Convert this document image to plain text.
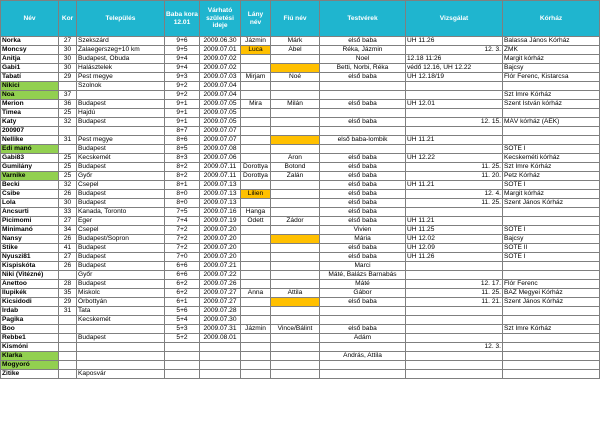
Név	Kor	Település	Baba kora 12.01	Várható születési ideje	Lány név	Fiú név	Testvérek	Vizsgálat	Kórház
Norka	27	Szekszárd	9+6	2009.06.30	Jázmin	Márk	első baba	UH 11.26	Balassa János Kórház
Moncsy	30	Zalaegerszeg+10 km	9+5	2009.07.01	Luca	Ábel	Réka, Jázmin	12. 3.	ZMK
Anitja	30	Budapest, Óbuda	9+4	2009.07.02			Noel	12.18 11:26	Margit kórház
Gabi1	30	Halásztelek	9+4	2009.07.02			Betti, Norbi, Réka	védő 12.16, UH 12.22	Bajcsy
Tabatí	29	Pest megye	9+3	2009.07.03	Mirjam	Noé	első baba	UH 12.18/19	Flór Ferenc, Kistarcsa
Nikici		Szolnok	9+2	2009.07.04				

Noa	37		9+2	2009.07.04					Szt Imre Kórház
Merion	36	Budapest	9+1	2009.07.05	Mira	Milán	első baba	UH 12.01	Szent István kórház
Timea	25	Hajdú	9+1	2009.07.05				

Katy	32	Budapest	9+1	2009.07.05			első baba	12. 15.	MÁV kórház (ÁEK)
200907			8+7	2009.07.07				

Nellike	31	Pest megye	8+6	2009.07.07			első baba-lombik	UH 11.21	

Edi manó		Budapest	8+5	2009.07.08					SOTE I
Gabi83	25	Kecskemét	8+3	2009.07.06		Áron	első baba	UH 12.22	Kecskeméti kórház
Gumilány	25	Budapest	8+2	2009.07.11	Dorottya	Botond	első baba	11. 25.	Szt Imre Kórház
Varnike	25	Győr	8+2	2009.07.11	Dorottya	Zalán	első baba	11. 20.	Petz Kórház
Becki	32	Csepel	8+1	2009.07.13			első baba	UH 11.21	SOTE I
Csibe	26	Budapest	8+0	2009.07.13	Lilien		első baba	12. 4.	Margit kórház
Lola	30	Budapest	8+0	2009.07.13			első baba	11. 25.	Szent János Kórház
Ancsurti	33	Kanada, Toronto	7+5	2009.07.16	Hanga		első baba	

Picimomi	27	Eger	7+4	2009.07.19	Odett	Zádor	első baba	UH 11.21	

Minimanó	34	Csepel	7+2	2009.07.20			Vivien	UH 11.25	SOTE I
Nansy	26	Budapest/Sopron	7+2	2009.07.20			Mária	UH 12.02	Bajcsy
Stike	41	Budapest	7+2	2009.07.20			első baba	UH 12.09	SOTE II
Nyuszi81	27	Budapest	7+0	2009.07.20			első baba	UH 11.26	SOTE I
Kispiskóta	26	Budapest	6+6	2009.07.21			Marci	

Niki (Vitézné)		Győr	6+6	2009.07.22			Máté, Balázs Barnabás	

Anettoo	28	Budapest	6+2	2009.07.26			Máté	12. 17.	Flór Ferenc
Ilupikék	35	Miskolc	6+2	2009.07.27	Anna	Attila	Gábor	11. 25.	BAZ Megyei Kórház
Kicsidodi	29	Orbottyán	6+1	2009.07.27			első baba	11. 21.	Szent János Kórház
Irdab	31	Tata	5+6	2009.07.28				

Pagika		Kecskemét	5+4	2009.07.30				

Boo			5+3	2009.07.31	Jázmin	Vince/Bálint	első baba		Szt Imre Kórház
Rebbe1		Budapest	5+2	2009.08.01			Ádám	

Kismóni								12. 3.	

Klarka							András, Attila	

Mogyoró								

Zitike		Kaposvár						
